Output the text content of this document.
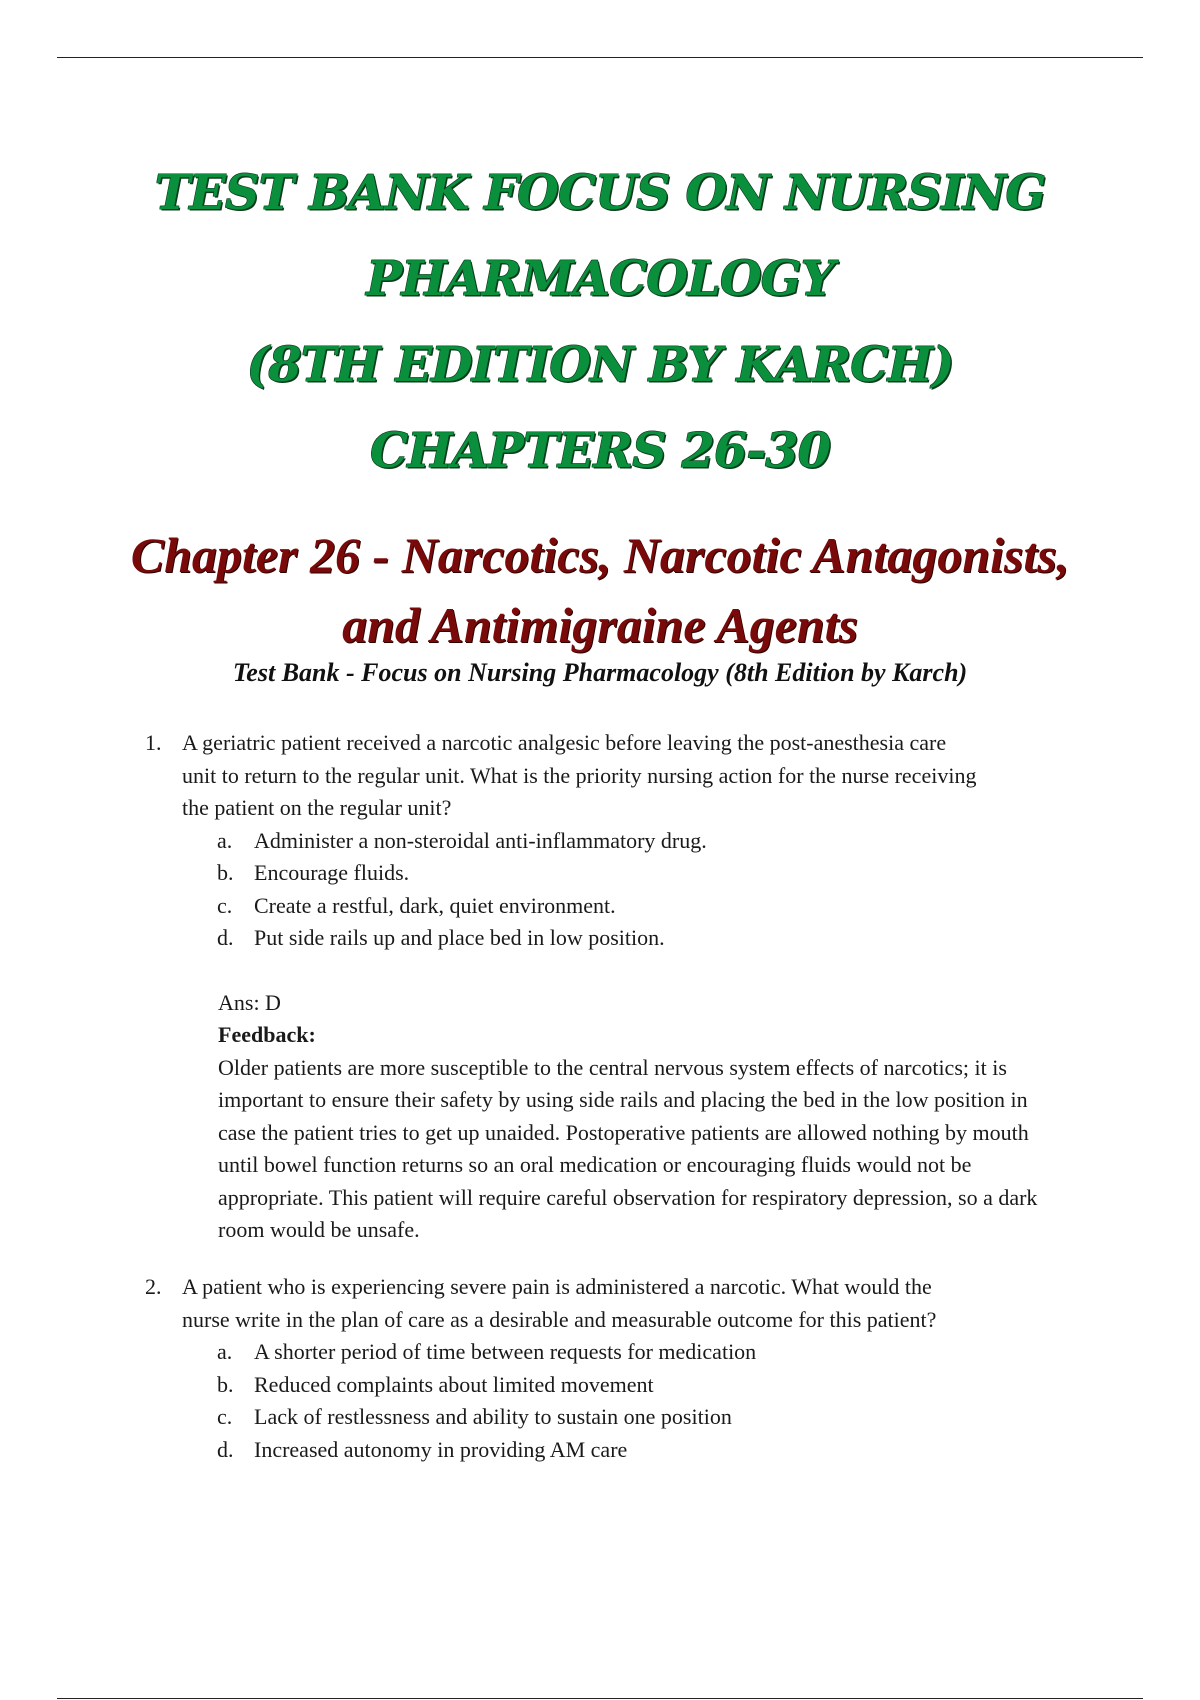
TEST BANK FOCUS ON NURSING
PHARMACOLOGY
(8TH EDITION BY KARCH)
CHAPTERS 26-30
Chapter 26 - Narcotics, Narcotic Antagonists, and Antimigraine Agents
Test Bank - Focus on Nursing Pharmacology (8th Edition by Karch)
1. A geriatric patient received a narcotic analgesic before leaving the post-anesthesia care unit to return to the regular unit. What is the priority nursing action for the nurse receiving the patient on the regular unit?
a. Administer a non-steroidal anti-inflammatory drug.
b. Encourage fluids.
c. Create a restful, dark, quiet environment.
d. Put side rails up and place bed in low position.
Ans: D
Feedback:
Older patients are more susceptible to the central nervous system effects of narcotics; it is important to ensure their safety by using side rails and placing the bed in the low position in case the patient tries to get up unaided. Postoperative patients are allowed nothing by mouth until bowel function returns so an oral medication or encouraging fluids would not be appropriate. This patient will require careful observation for respiratory depression, so a dark room would be unsafe.
2. A patient who is experiencing severe pain is administered a narcotic. What would the nurse write in the plan of care as a desirable and measurable outcome for this patient?
a. A shorter period of time between requests for medication
b. Reduced complaints about limited movement
c. Lack of restlessness and ability to sustain one position
d. Increased autonomy in providing AM care
